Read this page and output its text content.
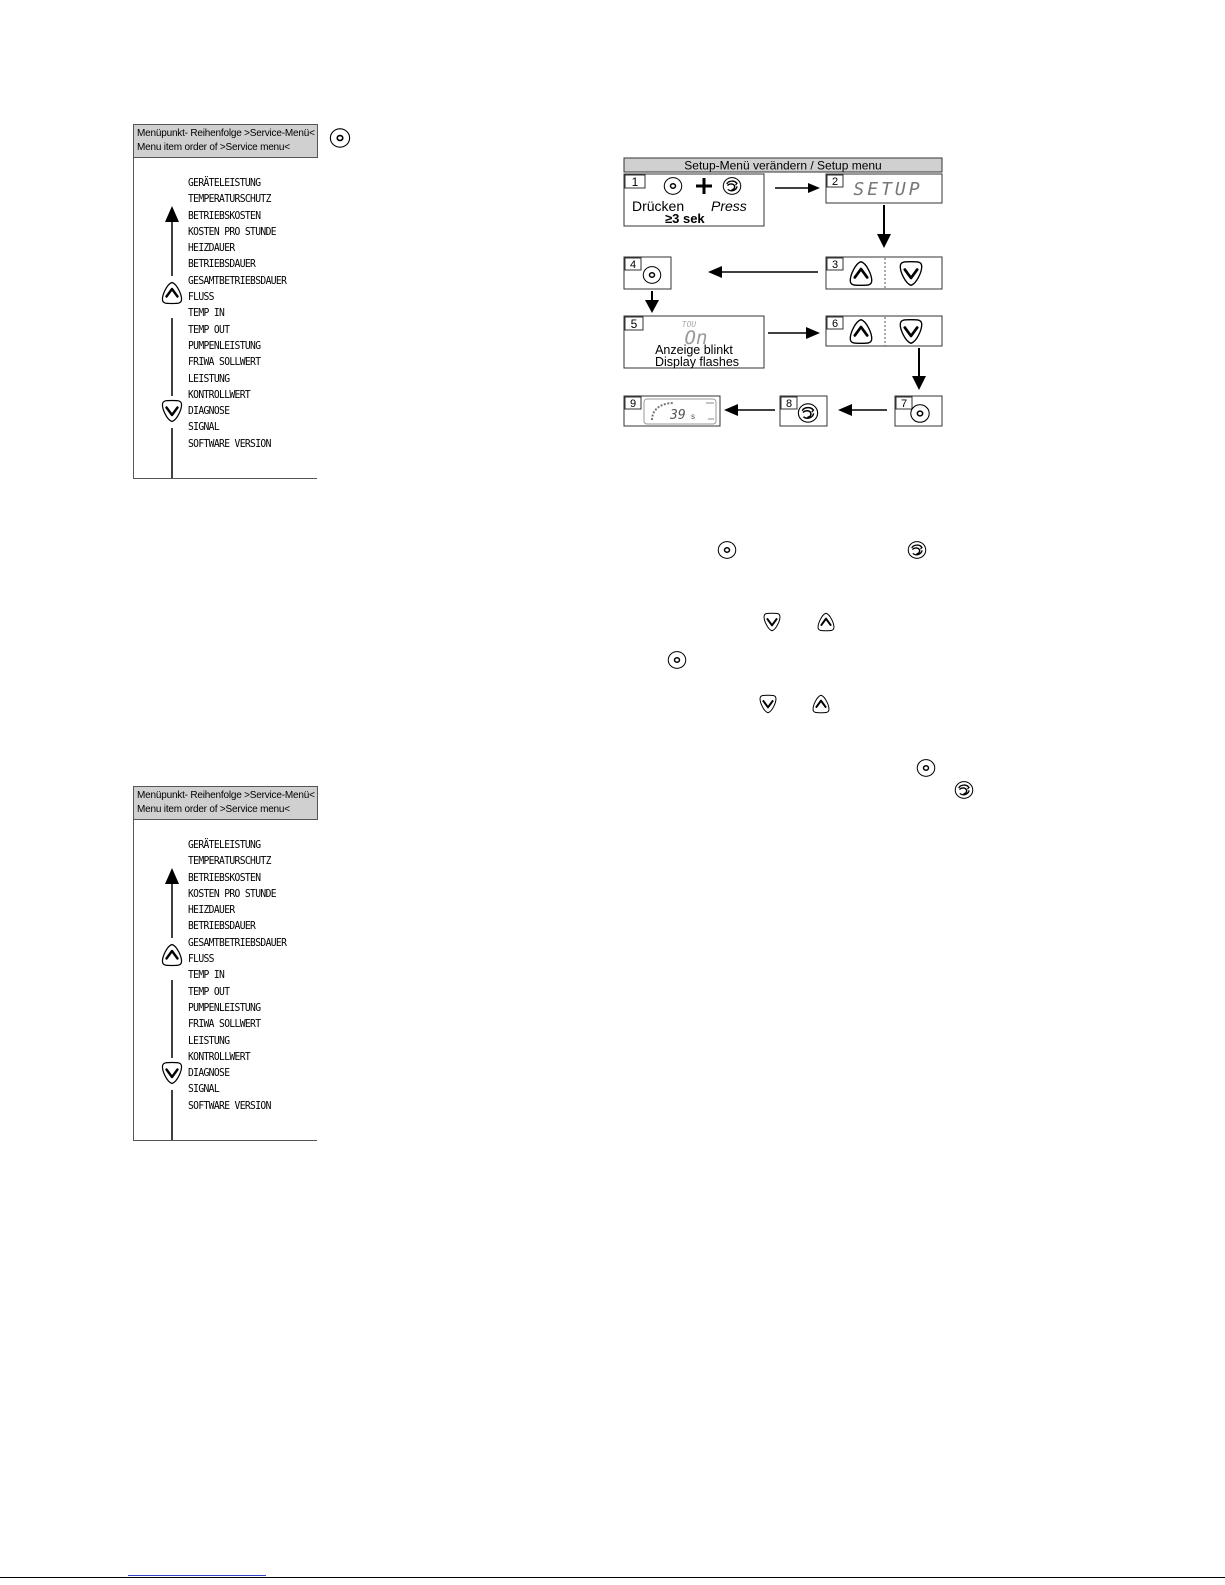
Menüpunkt- Reihenfolge >Service-Menü<
Menu item order of >Service menu<
GERÄTELEISTUNG
TEMPERATURSCHUTZ
BETRIEBSKOSTEN
KOSTEN PRO STUNDE
HEIZDAUER
BETRIEBSDAUER
GESAMTBETRIEBSDAUER
FLUSS
TEMP IN
TEMP OUT
PUMPENLEISTUNG
FRIWA SOLLWERT
LEISTUNG
KONTROLLWERT
DIAGNOSE
SIGNAL
SOFTWARE VERSION
Menüpunkt- Reihenfolge >Service-Menü<
Menu item order of >Service menu<
GERÄTELEISTUNG
TEMPERATURSCHUTZ
BETRIEBSKOSTEN
KOSTEN PRO STUNDE
HEIZDAUER
BETRIEBSDAUER
GESAMTBETRIEBSDAUER
FLUSS
TEMP IN
TEMP OUT
PUMPENLEISTUNG
FRIWA SOLLWERT
LEISTUNG
KONTROLLWERT
DIAGNOSE
SIGNAL
SOFTWARE VERSION
Setup-Menü verändern / Setup menu
1
Drücken Press
≥3 sek
2 SETUP
3
4
5	TOU
On
Anzeige blinkt
Display flashes
6
7
8
9
39 s
